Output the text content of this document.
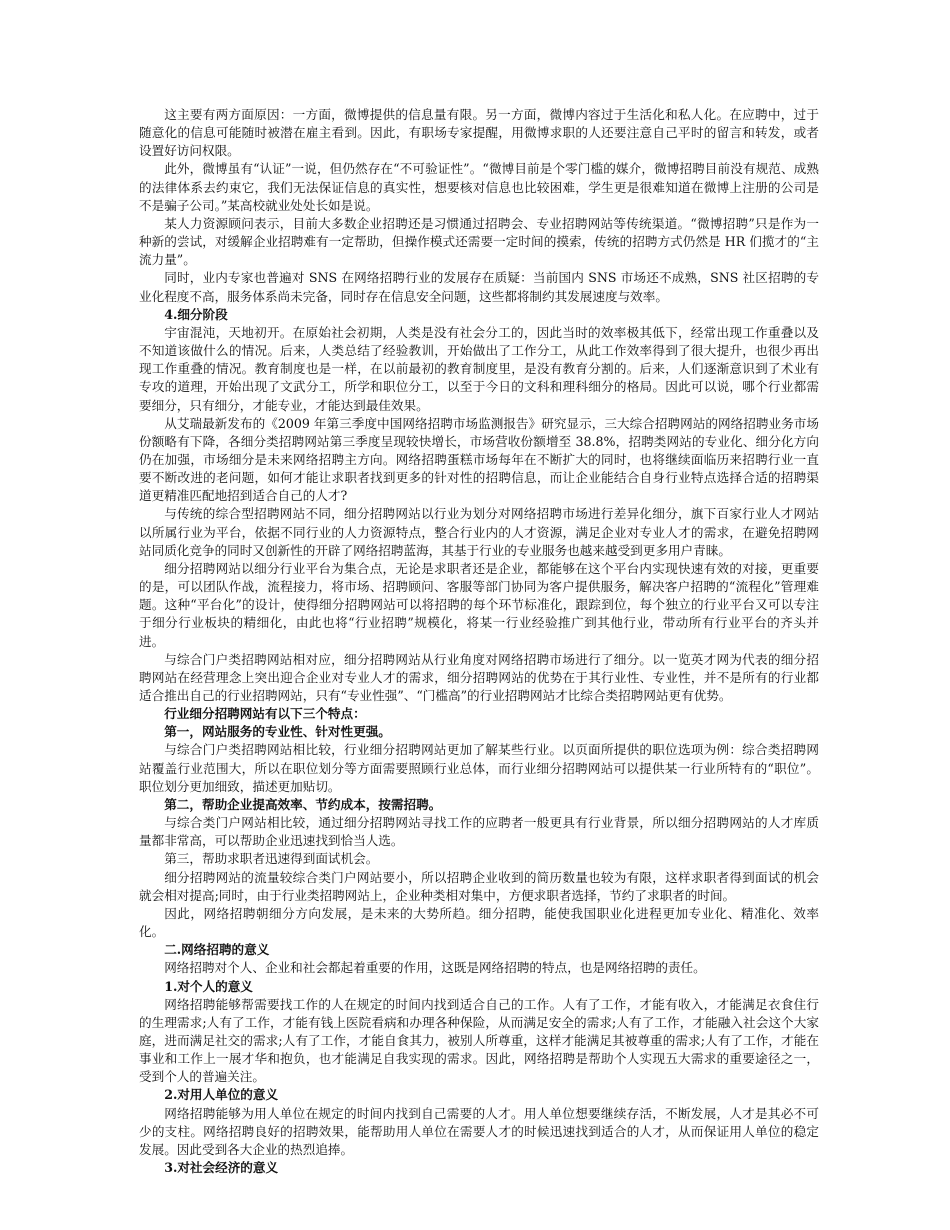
这主要有两方面原因：一方面，微博提供的信息量有限。另一方面，微博内容过于生活化和私人化。在应聘中，过于随意化的信息可能随时被潜在雇主看到。因此，有职场专家提醒，用微博求职的人还要注意自己平时的留言和转发，或者设置好访问权限。

此外，微博虽有“认证”一说，但仍然存在“不可验证性”。“微博目前是个零门槛的媒介，微博招聘目前没有规范、成熟的法律体系去约束它，我们无法保证信息的真实性，想要核对信息也比较困难，学生更是很难知道在微博上注册的公司是不是骗子公司。”某高校就业处处长如是说。

某人力资源顾问表示，目前大多数企业招聘还是习惯通过招聘会、专业招聘网站等传统渠道。“微博招聘”只是作为一种新的尝试，对缓解企业招聘难有一定帮助，但操作模式还需要一定时间的摸索，传统的招聘方式仍然是 HR 们揽才的“主流力量”。

同时，业内专家也普遍对 SNS 在网络招聘行业的发展存在质疑：当前国内 SNS 市场还不成熟，SNS 社区招聘的专业化程度不高，服务体系尚未完备，同时存在信息安全问题，这些都将制约其发展速度与效率。

4.细分阶段

宇宙混沌，天地初开。在原始社会初期，人类是没有社会分工的，因此当时的效率极其低下，经常出现工作重叠以及不知道该做什么的情况。后来，人类总结了经验教训，开始做出了工作分工，从此工作效率得到了很大提升，也很少再出现工作重叠的情况。教育制度也是一样，在以前最初的教育制度里，是没有教育分割的。后来，人们逐渐意识到了术业有专攻的道理，开始出现了文武分工，所学和职位分工，以至于今日的文科和理科细分的格局。因此可以说，哪个行业都需要细分，只有细分，才能专业，才能达到最佳效果。

从艾瑞最新发布的《2009 年第三季度中国网络招聘市场监测报告》研究显示，三大综合招聘网站的网络招聘业务市场份额略有下降，各细分类招聘网站第三季度呈现较快增长，市场营收份额增至 38.8%，招聘类网站的专业化、细分化方向仍在加强，市场细分是未来网络招聘主方向。网络招聘蛋糕市场每年在不断扩大的同时，也将继续面临历来招聘行业一直要不断改进的老问题，如何才能让求职者找到更多的针对性的招聘信息，而让企业能结合自身行业特点选择合适的招聘渠道更精准匹配地招到适合自己的人才?

与传统的综合型招聘网站不同，细分招聘网站以行业为划分对网络招聘市场进行差异化细分，旗下百家行业人才网站以所属行业为平台，依据不同行业的人力资源特点，整合行业内的人才资源，满足企业对专业人才的需求，在避免招聘网站同质化竞争的同时又创新性的开辟了网络招聘蓝海，其基于行业的专业服务也越来越受到更多用户青睐。

细分招聘网站以细分行业平台为集合点，无论是求职者还是企业，都能够在这个平台内实现快速有效的对接，更重要的是，可以团队作战，流程接力，将市场、招聘顾问、客服等部门协同为客户提供服务，解决客户招聘的“流程化”管理难题。这种“平台化”的设计，使得细分招聘网站可以将招聘的每个环节标准化，跟踪到位，每个独立的行业平台又可以专注于细分行业板块的精细化，由此也将“行业招聘”规模化，将某一行业经验推广到其他行业，带动所有行业平台的齐头并进。

与综合门户类招聘网站相对应，细分招聘网站从行业角度对网络招聘市场进行了细分。以一览英才网为代表的细分招聘网站在经营理念上突出迎合企业对专业人才的需求，细分招聘网站的优势在于其行业性、专业性，并不是所有的行业都适合推出自己的行业招聘网站，只有“专业性强”、“门槛高”的行业招聘网站才比综合类招聘网站更有优势。

行业细分招聘网站有以下三个特点：

第一，网站服务的专业性、针对性更强。

与综合门户类招聘网站相比较，行业细分招聘网站更加了解某些行业。以页面所提供的职位选项为例：综合类招聘网站覆盖行业范围大，所以在职位划分等方面需要照顾行业总体，而行业细分招聘网站可以提供某一行业所特有的“职位”。职位划分更加细致，描述更加贴切。

第二，帮助企业提高效率、节约成本，按需招聘。

与综合类门户网站相比较，通过细分招聘网站寻找工作的应聘者一般更具有行业背景，所以细分招聘网站的人才库质量都非常高，可以帮助企业迅速找到恰当人选。

第三，帮助求职者迅速得到面试机会。

细分招聘网站的流量较综合类门户网站要小，所以招聘企业收到的简历数量也较为有限，这样求职者得到面试的机会就会相对提高;同时，由于行业类招聘网站上，企业种类相对集中，方便求职者选择，节约了求职者的时间。

因此，网络招聘朝细分方向发展，是未来的大势所趋。细分招聘，能使我国职业化进程更加专业化、精准化、效率化。

二.网络招聘的意义

网络招聘对个人、企业和社会都起着重要的作用，这既是网络招聘的特点，也是网络招聘的责任。

1.对个人的意义

网络招聘能够帮需要找工作的人在规定的时间内找到适合自己的工作。人有了工作，才能有收入，才能满足衣食住行的生理需求;人有了工作，才能有钱上医院看病和办理各种保险，从而满足安全的需求;人有了工作，才能融入社会这个大家庭，进而满足社交的需求;人有了工作，才能自食其力，被别人所尊重，这样才能满足其被尊重的需求;人有了工作，才能在事业和工作上一展才华和抱负，也才能满足自我实现的需求。因此，网络招聘是帮助个人实现五大需求的重要途径之一，受到个人的普遍关注。

2.对用人单位的意义

网络招聘能够为用人单位在规定的时间内找到自己需要的人才。用人单位想要继续存活，不断发展，人才是其必不可少的支柱。网络招聘良好的招聘效果，能帮助用人单位在需要人才的时候迅速找到适合的人才，从而保证用人单位的稳定发展。因此受到各大企业的热烈追捧。

3.对社会经济的意义
